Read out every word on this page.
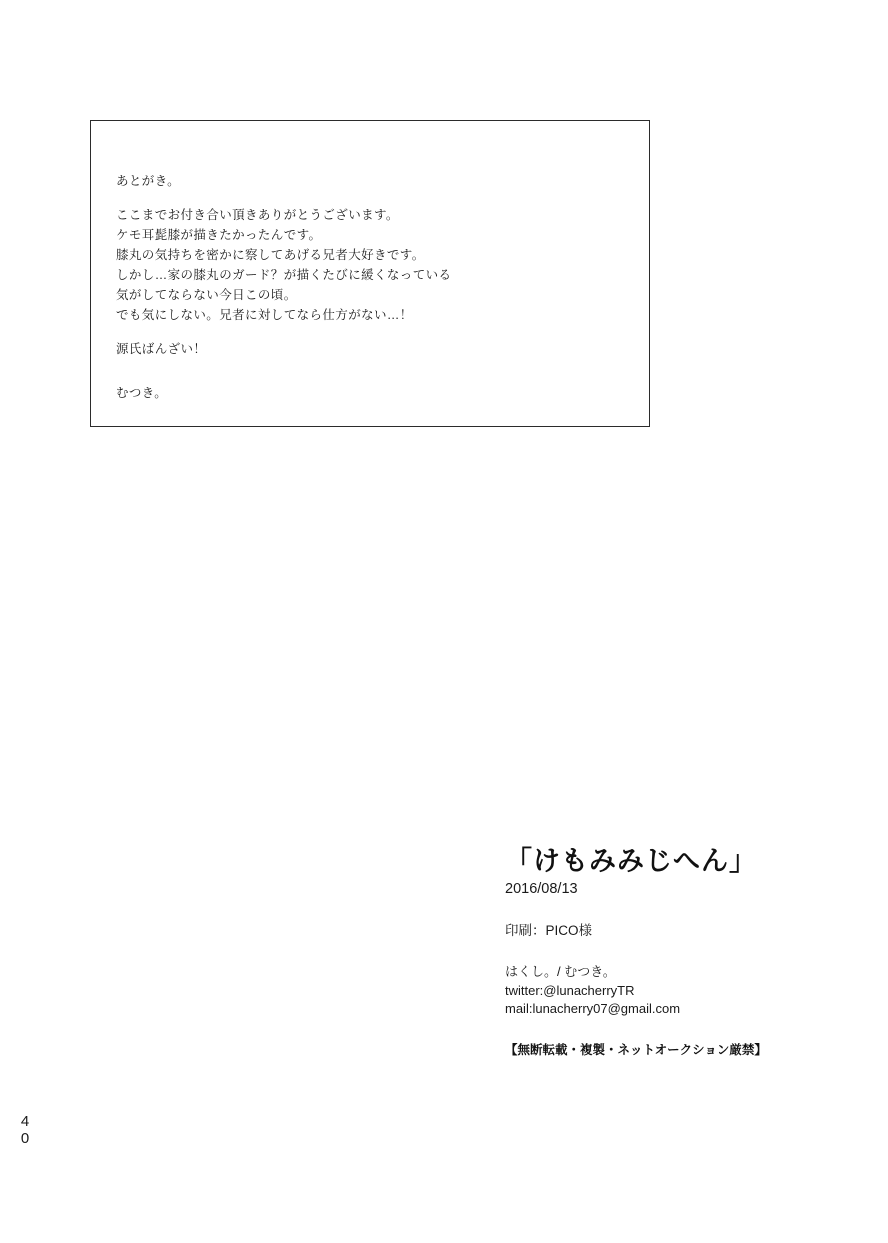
あとがき。
ここまでお付き合い頂きありがとうございます。
ケモ耳髭膝が描きたかったんです。
膝丸の気持ちを密かに察してあげる兄者大好きです。
しかし…家の膝丸のガード？が描くたびに緩くなっている
気がしてならない今日この頃。
でも気にしない。兄者に対してなら仕方がない…！
源氏ばんざい！
むつき。
「けもみみじへん」
2016/08/13
印刷：PICO様
はくし。/ むつき。
twitter:@lunacherryTR
mail:lunacherry07@gmail.com
【無断転載・複製・ネットオークション厳禁】
4
0
